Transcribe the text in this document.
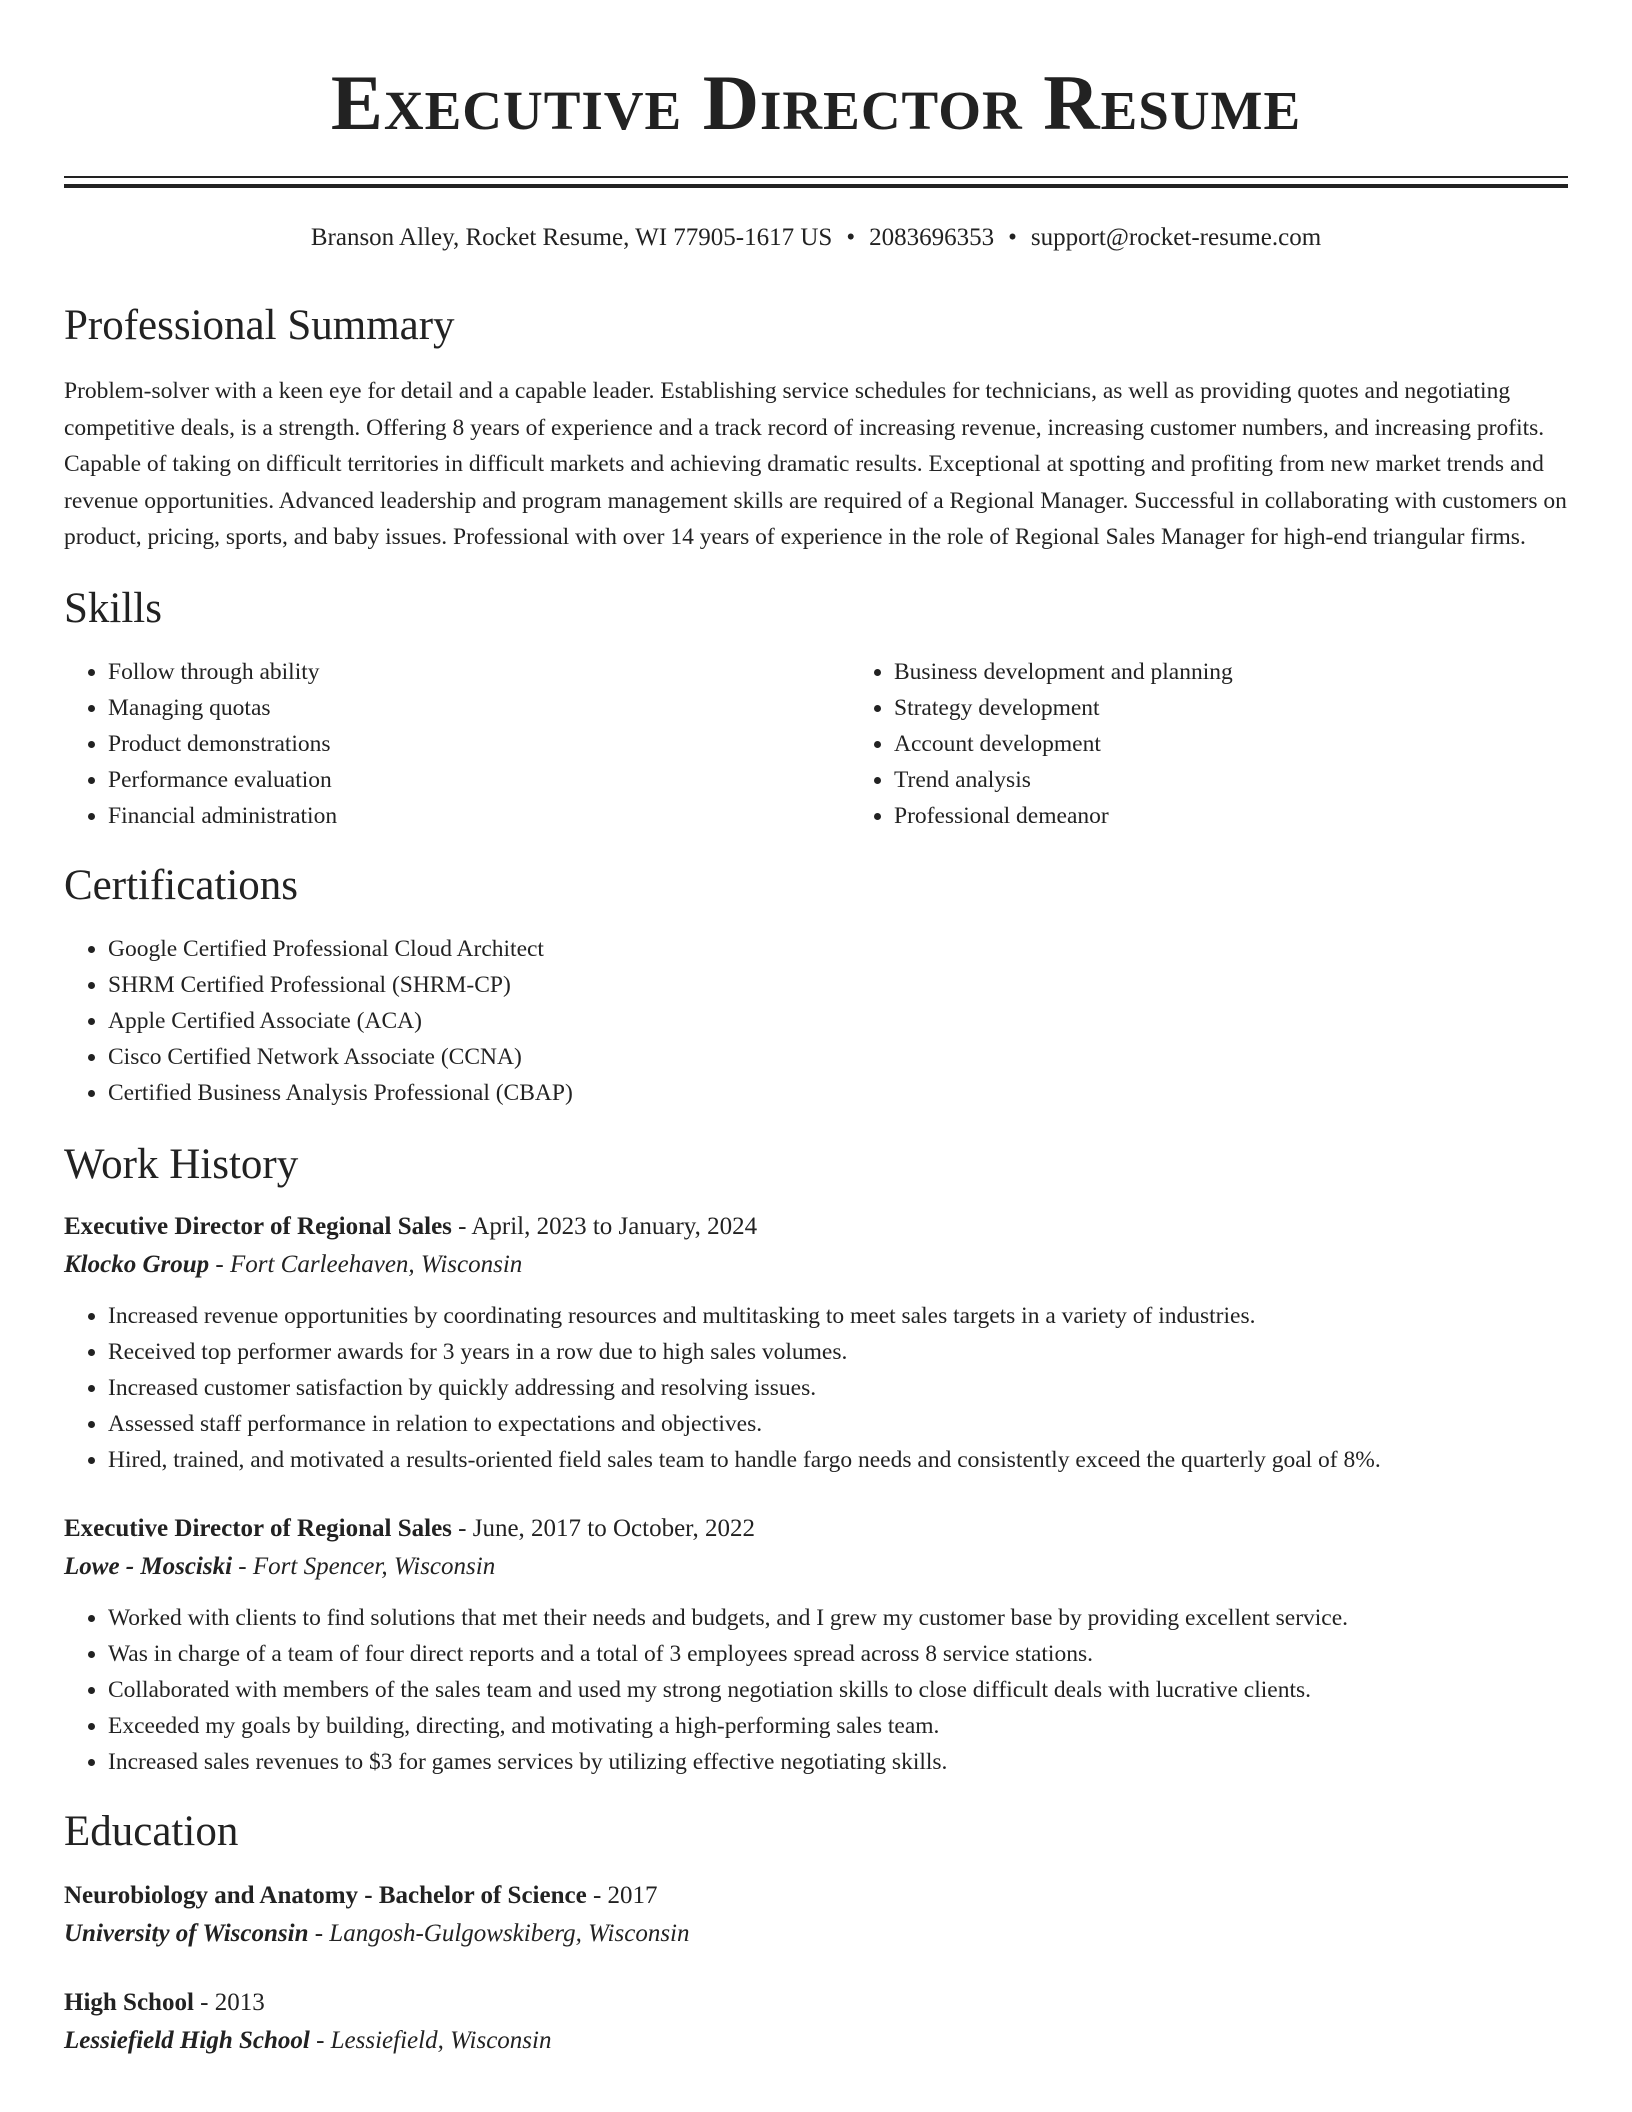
Executive Director Resume
Branson Alley, Rocket Resume, WI 77905-1617 US • 2083696353 • support@rocket-resume.com
Professional Summary

Problem-solver with a keen eye for detail and a capable leader. Establishing service schedules for technicians, as well as providing quotes and negotiating competitive deals, is a strength. Offering 8 years of experience and a track record of increasing revenue, increasing customer numbers, and increasing profits. Capable of taking on difficult territories in difficult markets and achieving dramatic results. Exceptional at spotting and profiting from new market trends and revenue opportunities. Advanced leadership and program management skills are required of a Regional Manager. Successful in collaborating with customers on product, pricing, sports, and baby issues. Professional with over 14 years of experience in the role of Regional Sales Manager for high-end triangular firms.

Skills
• Follow through ability
• Managing quotas
• Product demonstrations
• Performance evaluation
• Financial administration
• Business development and planning
• Strategy development
• Account development
• Trend analysis
• Professional demeanor
Certifications
• Google Certified Professional Cloud Architect
• SHRM Certified Professional (SHRM-CP)
• Apple Certified Associate (ACA)
• Cisco Certified Network Associate (CCNA)
• Certified Business Analysis Professional (CBAP)
Work History
Executive Director of Regional Sales - April, 2023 to January, 2024
Klocko Group - Fort Carleehaven, Wisconsin
• Increased revenue opportunities by coordinating resources and multitasking to meet sales targets in a variety of industries.
• Received top performer awards for 3 years in a row due to high sales volumes.
• Increased customer satisfaction by quickly addressing and resolving issues.
• Assessed staff performance in relation to expectations and objectives.
• Hired, trained, and motivated a results-oriented field sales team to handle fargo needs and consistently exceed the quarterly goal of 8%.
Executive Director of Regional Sales - June, 2017 to October, 2022
Lowe - Mosciski - Fort Spencer, Wisconsin
• Worked with clients to find solutions that met their needs and budgets, and I grew my customer base by providing excellent service.
• Was in charge of a team of four direct reports and a total of 3 employees spread across 8 service stations.
• Collaborated with members of the sales team and used my strong negotiation skills to close difficult deals with lucrative clients.
• Exceeded my goals by building, directing, and motivating a high-performing sales team.
• Increased sales revenues to $3 for games services by utilizing effective negotiating skills.
Education
Neurobiology and Anatomy - Bachelor of Science - 2017
University of Wisconsin - Langosh-Gulgowskiberg, Wisconsin
High School - 2013
Lessiefield High School - Lessiefield, Wisconsin
